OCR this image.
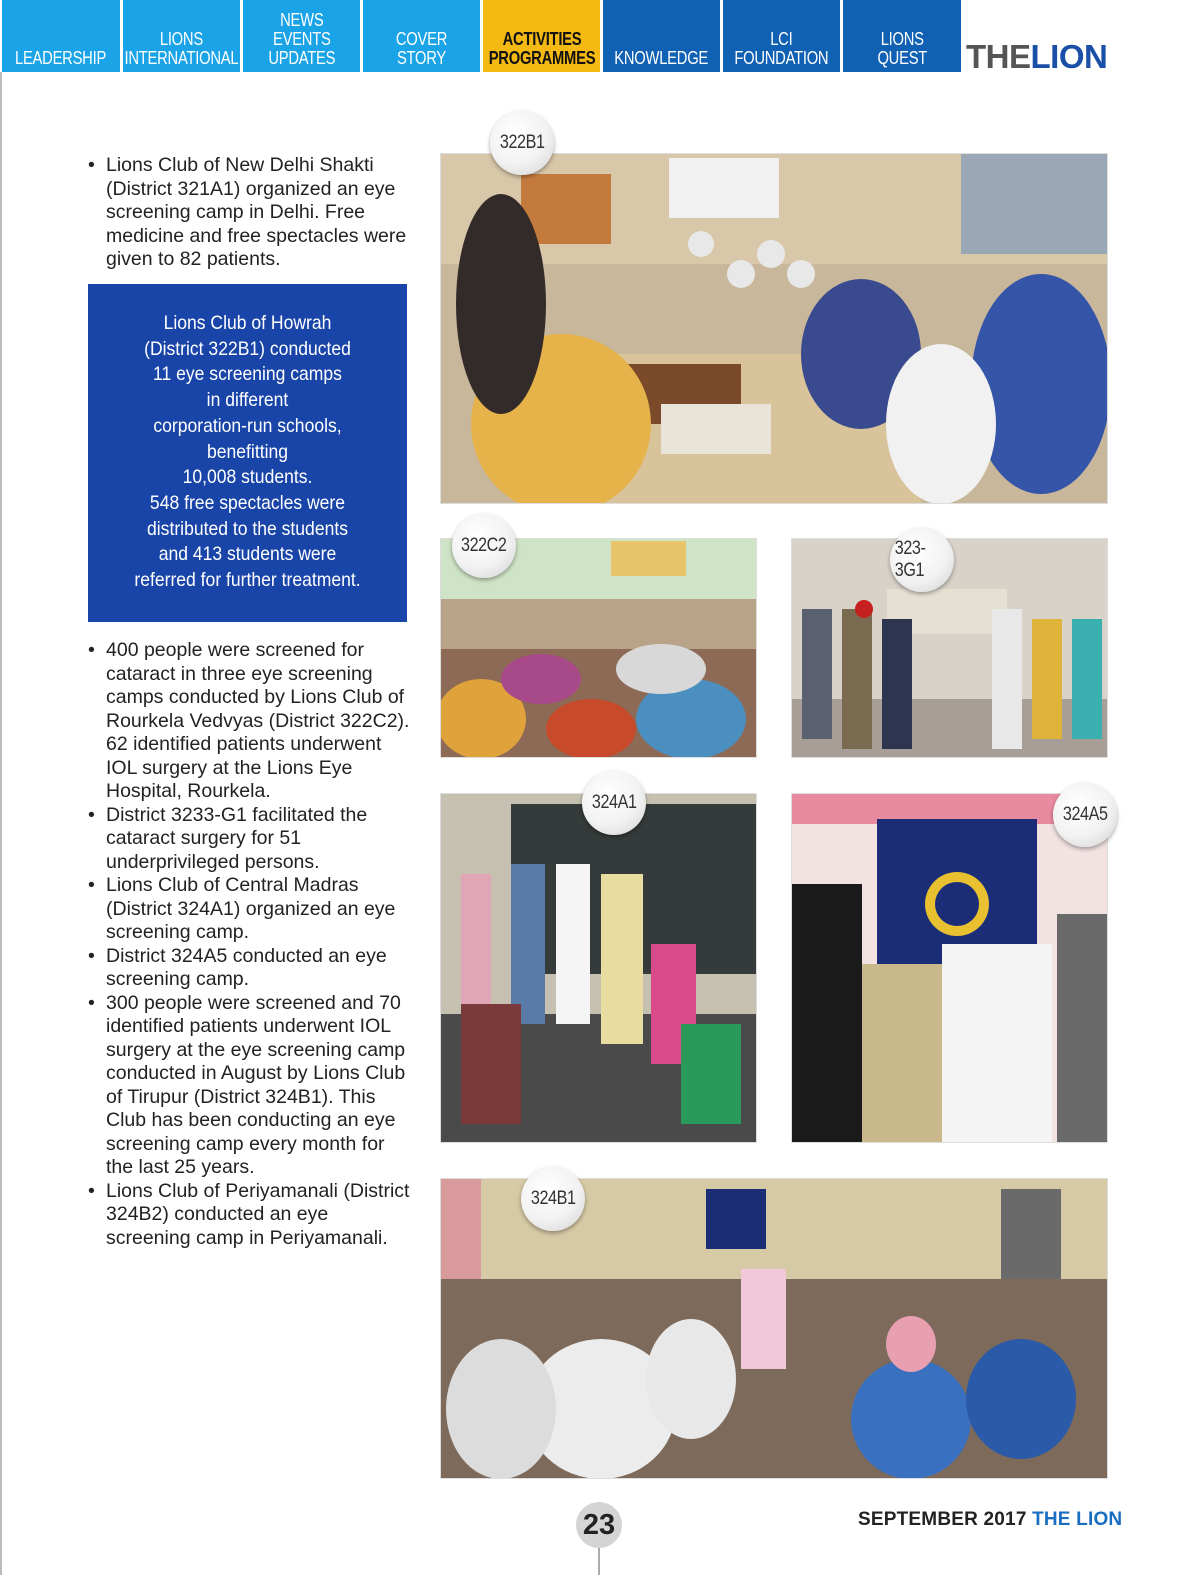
LEADERSHIP
LIONS
INTERNATIONAL
NEWS
EVENTS
UPDATES
COVER STORY
ACTIVITIES
PROGRAMMES KNOWLEDGE
LCI
FOUNDATION
LIONS
QUEST THELION
• Lions Club of New Delhi Shakti (District 321A1) organized an eye screening camp in Delhi. Free medicine and free spectacles were given to 82 patients.

Lions Club of Howrah
(District 322B1) conducted
11 eye screening camps
in different
corporation-run schools,
benefitting
10,008 students.
548 free spectacles were
distributed to the students
and 413 students were
referred for further treatment.

• 400 people were screened for cataract in three eye screening camps conducted by Lions Club of Rourkela Vedvyas (District 322C2). 62 identified patients underwent IOL surgery at the Lions Eye Hospital, Rourkela.
• District 3233-G1 facilitated the cataract surgery for 51 underprivileged persons.
• Lions Club of Central Madras (District 324A1) organized an eye screening camp.
• District 324A5 conducted an eye screening camp.
• 300 people were screened and 70 identified patients underwent IOL surgery at the eye screening camp conducted in August by Lions Club of Tirupur (District 324B1). This Club has been conducting an eye screening camp every month for the last 25 years.
• Lions Club of Periyamanali (District 324B2) conducted an eye screening camp in Periyamanali.
322B1
322C2	323-3G1
324A1
324A5
324B1
23	SEPTEMBER 2017 THE LION
